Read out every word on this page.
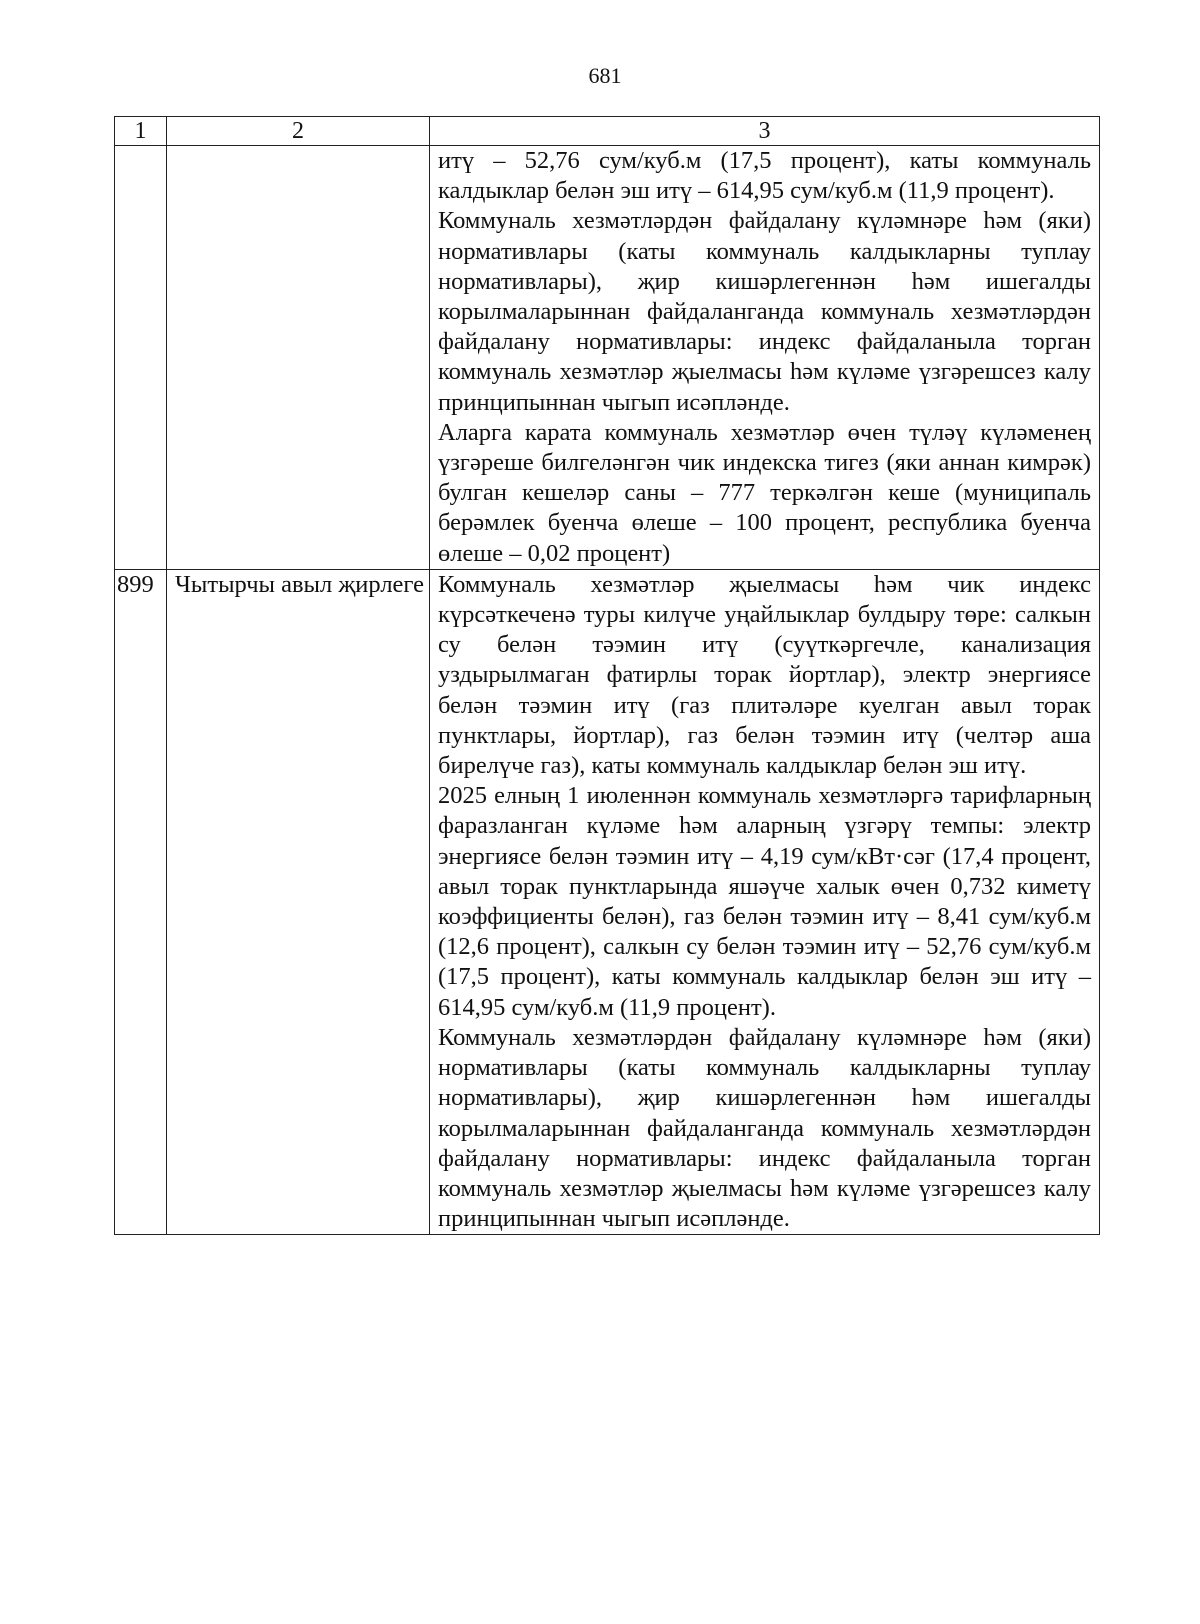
681
1	2	3

		итү – 52,76 сум/куб.м (17,5 процент), каты коммуналь калдыклар белән эш итү – 614,95 сум/куб.м (11,9 процент).

Коммуналь хезмәтләрдән файдалану күләмнәре һәм (яки) нормативлары (каты коммуналь калдыкларны туплау нормативлары), җир кишәрлегеннән һәм ишегалды корылмаларыннан файдаланганда коммуналь хезмәтләрдән файдалану нормативлары: индекс файдаланыла торган коммуналь хезмәтләр җыелмасы һәм күләме үзгәрешсез калу принципыннан чыгып исәпләнде.

Аларга карата коммуналь хезмәтләр өчен түләү күләменең үзгәреше билгеләнгән чик индекска тигез (яки аннан кимрәк) булган кешеләр саны – 777 теркәлгән кеше (муниципаль берәмлек буенча өлеше – 100 процент, республика буенча өлеше – 0,02 процент)

899	Чытырчы авыл җирлеге	Коммуналь хезмәтләр җыелмасы һәм чик индекс күрсәткеченә туры килүче уңайлыклар булдыру төре: салкын су белән тәэмин итү (суүткәргечле, канализация уздырылмаган фатирлы торак йортлар), электр энергиясе белән тәэмин итү (газ плитәләре куелган авыл торак пунктлары, йортлар), газ белән тәэмин итү (челтәр аша бирелүче газ), каты коммуналь калдыклар белән эш итү.

2025 елның 1 июленнән коммуналь хезмәтләргә тарифларның фаразланган күләме һәм аларның үзгәрү темпы: электр энергиясе белән тәэмин итү – 4,19 сум/кВт·сәг (17,4 процент, авыл торак пунктларында яшәүче халык өчен 0,732 киметү коэффициенты белән), газ белән тәэмин итү – 8,41 сум/куб.м (12,6 процент), салкын су белән тәэмин итү – 52,76 сум/куб.м (17,5 процент), каты коммуналь калдыклар белән эш итү – 614,95 сум/куб.м (11,9 процент).

Коммуналь хезмәтләрдән файдалану күләмнәре һәм (яки) нормативлары (каты коммуналь калдыкларны туплау нормативлары), җир кишәрлегеннән һәм ишегалды корылмаларыннан файдаланганда коммуналь хезмәтләрдән файдалану нормативлары: индекс файдаланыла торган коммуналь хезмәтләр җыелмасы һәм күләме үзгәрешсез калу принципыннан чыгып исәпләнде.
